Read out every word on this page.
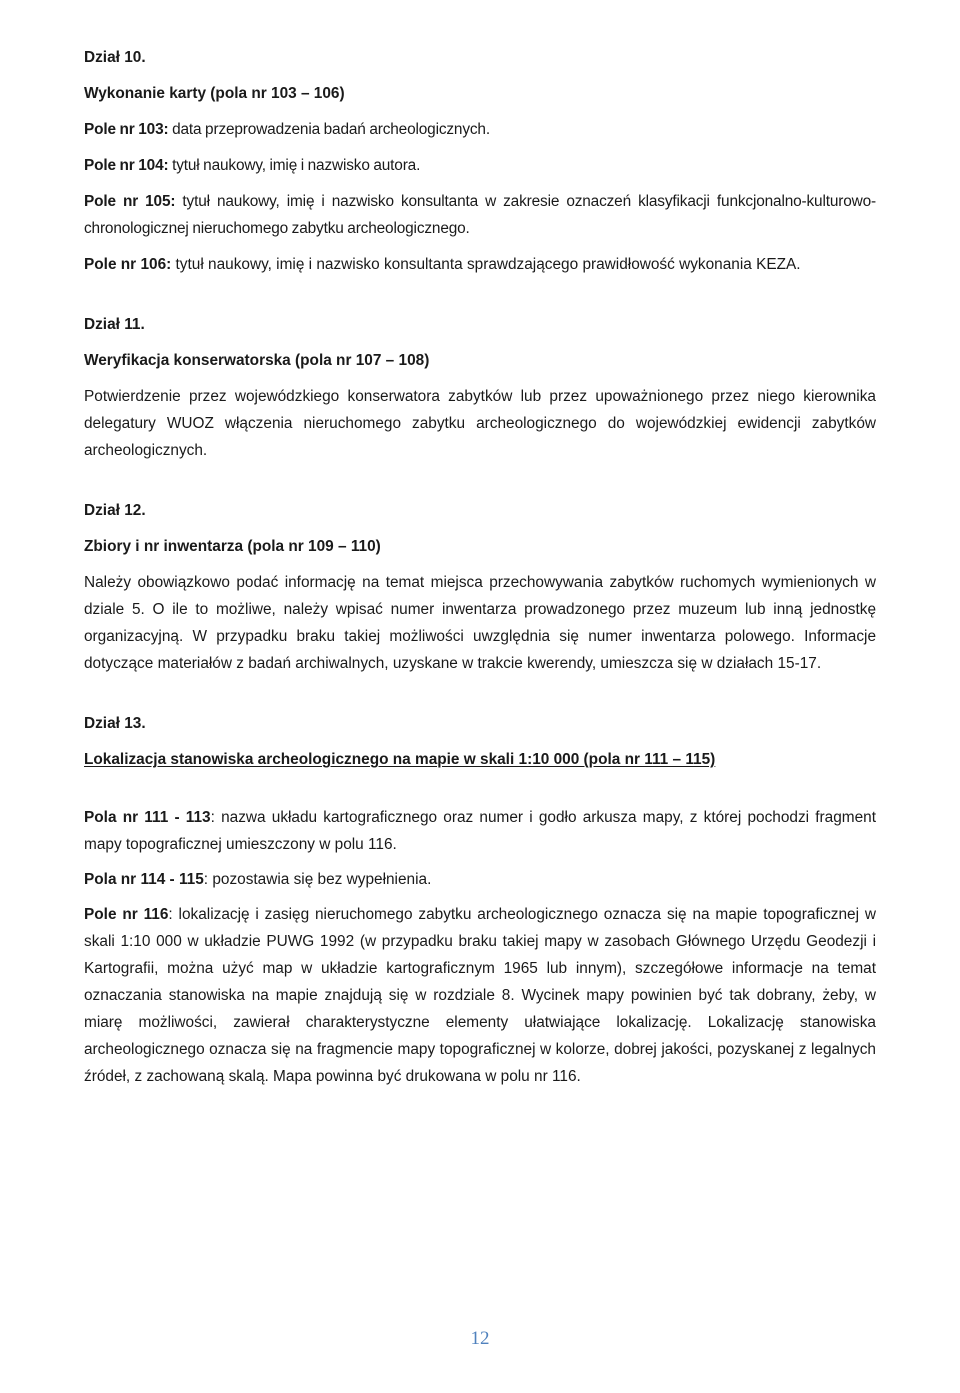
Dział 10.

Wykonanie karty (pola nr 103 – 106)

Pole nr 103: data przeprowadzenia badań archeologicznych.

Pole nr 104: tytuł naukowy, imię i nazwisko autora.

Pole nr 105: tytuł naukowy, imię i nazwisko konsultanta w zakresie oznaczeń klasyfikacji funkcjonalno-kulturowo-chronologicznej nieruchomego zabytku archeologicznego.

Pole nr 106: tytuł naukowy, imię i nazwisko konsultanta sprawdzającego prawidłowość wykonania KEZA.

Dział 11.

Weryfikacja konserwatorska (pola nr 107 – 108)

Potwierdzenie przez wojewódzkiego konserwatora zabytków lub przez upoważnionego przez niego kierownika delegatury WUOZ włączenia nieruchomego zabytku archeologicznego do wojewódzkiej ewidencji zabytków archeologicznych.

Dział 12.

Zbiory i nr inwentarza (pola nr 109 – 110)

Należy obowiązkowo podać informację na temat miejsca przechowywania zabytków ruchomych wymienionych w dziale 5. O ile to możliwe, należy wpisać numer inwentarza prowadzonego przez muzeum lub inną jednostkę organizacyjną. W przypadku braku takiej możliwości uwzględnia się numer inwentarza polowego. Informacje dotyczące materiałów z badań archiwalnych, uzyskane w trakcie kwerendy, umieszcza się w działach 15-17.

Dział 13.

Lokalizacja stanowiska archeologicznego na mapie w skali 1:10 000 (pola nr 111 – 115)

Pola nr 111 - 113: nazwa układu kartograficznego oraz numer i godło arkusza mapy, z której pochodzi fragment mapy topograficznej umieszczony w polu 116.

Pola nr 114 - 115: pozostawia się bez wypełnienia.

Pole nr 116: lokalizację i zasięg nieruchomego zabytku archeologicznego oznacza się na mapie topograficznej w skali 1:10 000 w układzie PUWG 1992 (w przypadku braku takiej mapy w zasobach Głównego Urzędu Geodezji i Kartografii, można użyć map w układzie kartograficznym 1965 lub innym), szczegółowe informacje na temat oznaczania stanowiska na mapie znajdują się w rozdziale 8. Wycinek mapy powinien być tak dobrany, żeby, w miarę możliwości, zawierał charakterystyczne elementy ułatwiające lokalizację. Lokalizację stanowiska archeologicznego oznacza się na fragmencie mapy topograficznej w kolorze, dobrej jakości, pozyskanej z legalnych źródeł, z zachowaną skalą. Mapa powinna być drukowana w polu nr 116.

12
